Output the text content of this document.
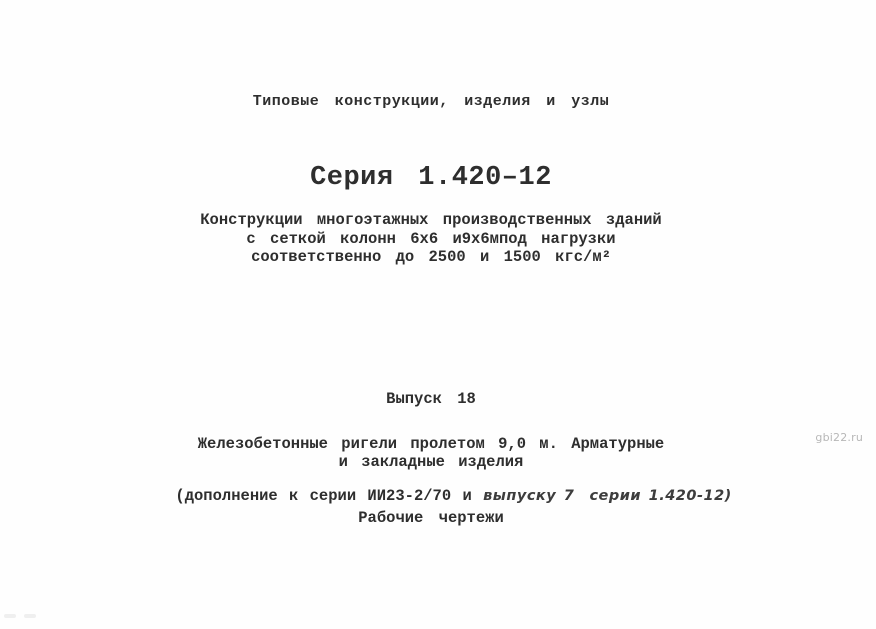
Типовые конструкции, изделия и узлы
Серия 1.420–12
Конструкции многоэтажных производственных зданий
с сеткой колонн 6х6 и9х6мпод нагрузки
соответственно до 2500 и 1500 кгс/м²
Выпуск 18
Железобетонные ригели пролетом 9,0 м. Арматурные
и закладные изделия

(дополнение к серии ИИ23-2/70 и выпуску 7  серии 1.420-12)

Рабочие чертежи
gbi22.ru
